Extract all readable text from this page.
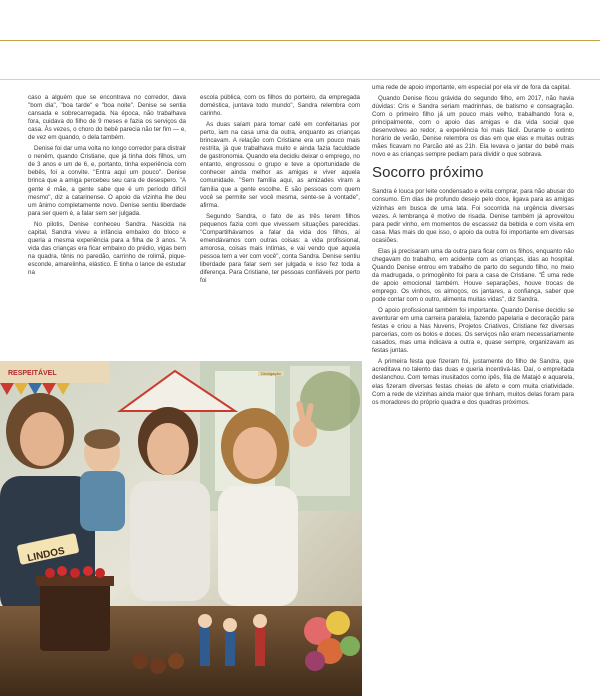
caso a alguém que se encontrava no corredor, dava "bom dia", "boa tarde" e "boa noite". Denise se sentia cansada e sobrecarregada. Na época, não trabalhava fora, cuidava do filho de 9 meses e fazia os serviços da casa. Às vezes, o choro do bebê parecia não ter fim — e, de vez em quando, o dela também.

Denise foi dar uma volta no longo corredor para distrair o nenêm, quando Cristiane, que já tinha dois filhos, um de 3 anos e um de 6, e, portanto, tinha experiência com bebês, foi a convite. "Entra aqui um pouco". Denise brinca que a amiga percebeu seu cara de desespero. "A gente é mãe, a gente sabe que é um período difícil mesmo", diz a catarinense. O apoio da vizinha lhe deu um ânimo completamente novo. Denise sentiu liberdade para ser quem é, a falar sem ser julgada.

No pilotis, Denise conheceu Sandra. Nascida na capital, Sandra viveu a infância embaixo do bloco e queria a mesma experiência para a filha de 3 anos. "A vida das crianças era ficar embaixo do prédio, vigas bem na quadra, tênis no paredão, carrinho de rolimã, pique-esconde, amarelinha, elástico. E tinha o lance de estudar na

escola pública, com os filhos do porteiro, da empregada doméstica, juntava todo mundo", Sandra relembra com carinho.

As duas saíam para tomar café em confeitarias por perto, iam na casa uma da outra, enquanto as crianças brincavam. A relação com Cristiane era um pouco mais restrita, já que trabalhava muito e ainda fazia faculdade de gastronomia. Quando ela decidiu deixar o emprego, no entanto, engrossou o grupo e teve a oportunidade de conhecer ainda melhor as amigas e viver aquela comunidade. "Sem família aqui, as amizades viram a família que a gente escolhe. E são pessoas com quem você se permite ser você mesma, sente-se à vontade", afirma.

Segundo Sandra, o fato de as três terem filhos pequenos fazia com que vivessem situações parecidas. "Compartilhávamos a falar da vida dos filhos, aí emendávamos com outras coisas: a vida profissional, amorosa, coisas mais íntimas, e vai vendo que aquela pessoa tem a ver com você", conta Sandra. Denise sentiu liberdade para falar sem ser julgada e isso fez toda a diferença. Para Cristiane, ter pessoas confiáveis por perto foi

uma rede de apoio importante, em especial por ela vir de fora da capital.

Quando Denise ficou grávida do segundo filho, em 2017, não havia dúvidas: Cris e Sandra seriam madrinhas, de batismo e consagração. Com o primeiro filho já um pouco mais velho, trabalhando fora e, principalmente, com o apoio das amigas e da vida social que desenvolveu ao redor, a experiência foi mais fácil. Durante o extinto horário de verão, Denise relembra os dias em que elas e muitas outras mães ficavam no Parcão até as 21h. Ela levava o jantar do bebê mais novo e as crianças sempre pediam para dividir o que sobrava.

Socorro próximo

Sandra é louca por leite condensado e evita comprar, para não abusar do consumo. Em dias de profundo desejo pelo doce, ligava para as amigas vizinhas em busca de uma lata. Foi socorrida na urgência diversas vezes. A lembrança é motivo de risada. Denise também já aproveitou para pedir vinho, em momentos de escassez da bebida e com visita em casa. Mas mais do que isso, o apoio da outra foi importante em diversas ocasiões.

Elas já precisaram uma da outra para ficar com os filhos, enquanto não chegavam do trabalho, em acidente com as crianças, idas ao hospital. Quando Denise entrou em trabalho de parto do segundo filho, no meio da madrugada, o primogênito foi para a casa de Cristiane. "É uma rede de apoio emocional também. Houve separações, houve trocas de emprego. Os vinhos, os almoços, os jantares, a confiança, saber que pode contar com o outro, alimenta muitas vidas", diz Sandra.

O apoio profissional também foi importante. Quando Denise decidiu se aventurar em uma carreira paralela, fazendo papelaria e decoração para festas e criou a Nas Nuvens, Projetos Criativos, Cristiane fez diversas parcerias, com os bolos e doces. Os serviços não eram necessariamente casados, mas uma indicava a outra e, quase sempre, organizavam as festas juntas.

A primeira festa que fizeram foi, justamente do filho de Sandra, que acreditava no talento das duas e queria incentivá-las. Daí, o empreitada deslanchou. Com temas inusitados como ipês, fila de Matajó e aquarela, elas fizeram diversas festas cheias de afeto e com muita criatividade. Com a rede de vizinhas ainda maior que tinham, muitos delas foram para os moradores do próprio quadra e dos quadras próximos.

RESPEITÁVEL
LINDOS
Divulgação
